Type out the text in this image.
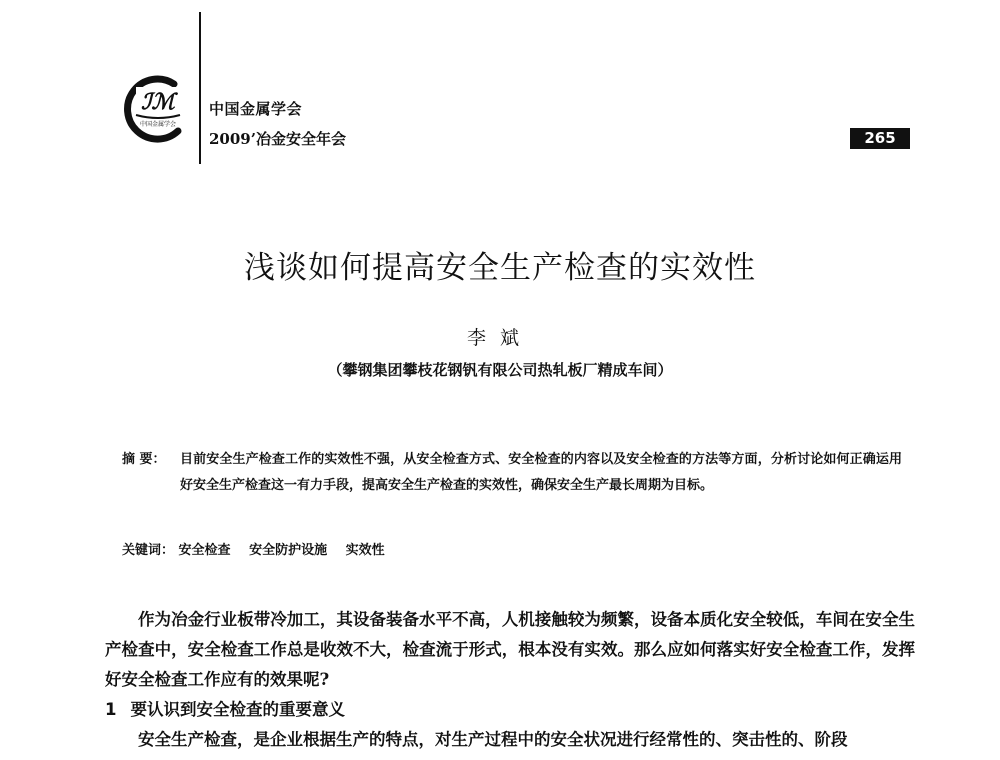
ℐℳ
中国金属学会
中国金属学会
2009’冶金安全年会	265
浅谈如何提高安全生产检查的实效性
李斌
（攀钢集团攀枝花钢钒有限公司热轧板厂精成车间）
摘 要：	目前安全生产检查工作的实效性不强，从安全检查方式、安全检查的内容以及安全检查的方法等方面，分析讨论如何正确运用好安全生产检查这一有力手段，提高安全生产检查的实效性，确保安全生产最长周期为目标。
关键词： 安全检查 安全防护设施 实效性

作为冶金行业板带冷加工，其设备装备水平不高，人机接触较为频繁，设备本质化安全较低，车间在安全生产检查中，安全检查工作总是收效不大，检查流于形式，根本没有实效。那么应如何落实好安全检查工作，发挥好安全检查工作应有的效果呢?

1 要认识到安全检查的重要意义

安全生产检查，是企业根据生产的特点，对生产过程中的安全状况进行经常性的、突击性的、阶段
